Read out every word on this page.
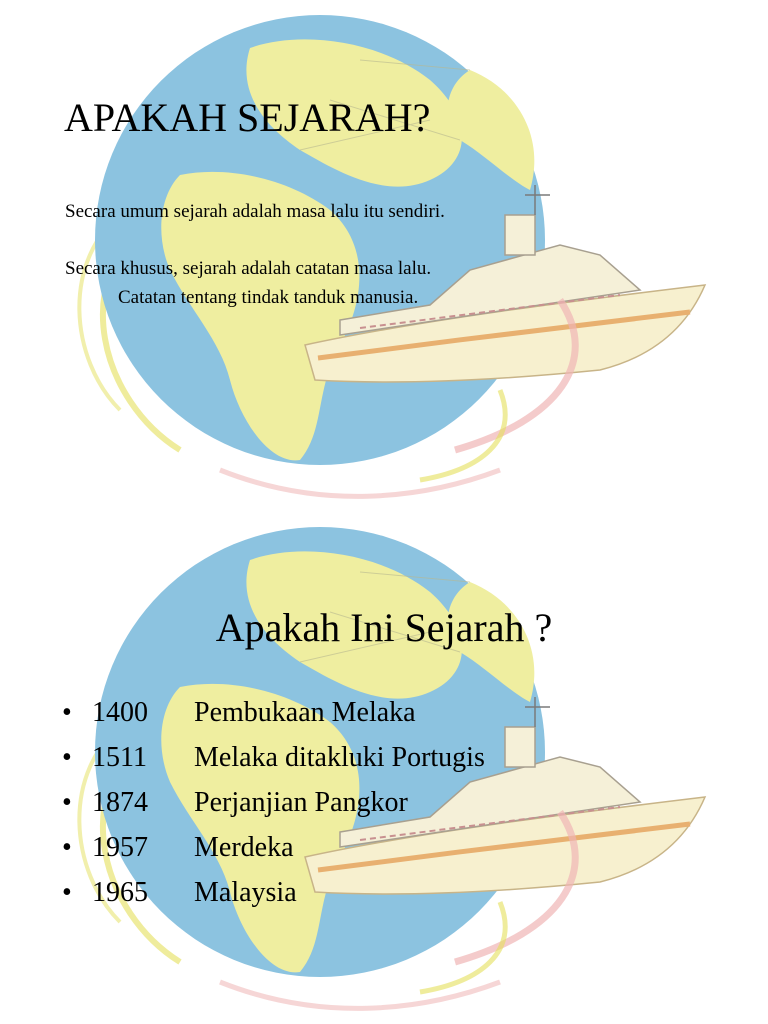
APAKAH SEJARAH?

Secara umum sejarah adalah masa lalu itu sendiri.

Secara khusus, sejarah adalah catatan masa lalu.

Catatan tentang tindak tanduk manusia.

Apakah Ini Sejarah ?
• 1400 Pembukaan Melaka
• 1511 Melaka ditakluki Portugis
• 1874 Perjanjian Pangkor
• 1957 Merdeka
• 1965 Malaysia
